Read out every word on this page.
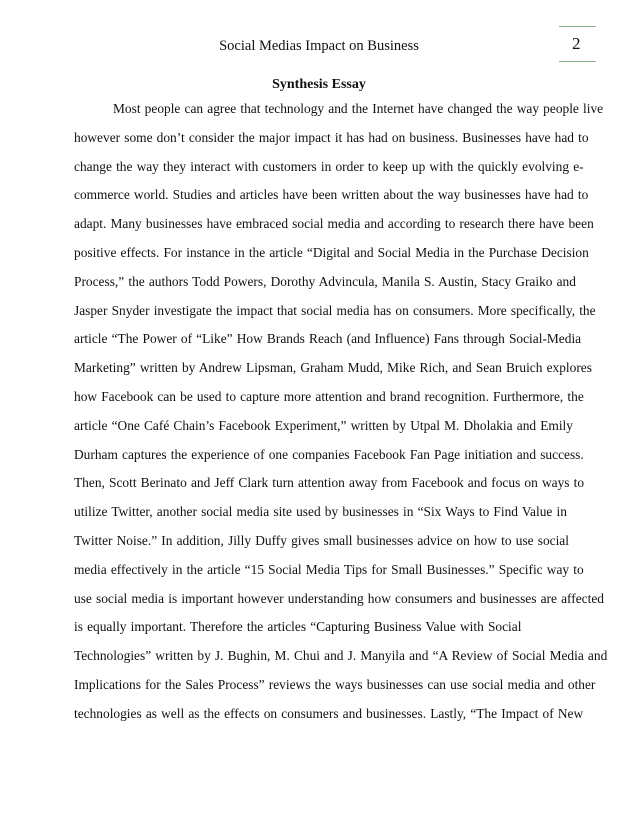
Social Medias Impact on Business	2
Synthesis Essay
Most people can agree that technology and the Internet have changed the way people live
however some don’t consider the major impact it has had on business. Businesses have had to
change the way they interact with customers in order to keep up with the quickly evolving e-
commerce world. Studies and articles have been written about the way businesses have had to
adapt. Many businesses have embraced social media and according to research there have been
positive effects. For instance in the article “Digital and Social Media in the Purchase Decision
Process,” the authors Todd Powers, Dorothy Advincula, Manila S. Austin, Stacy Graiko and
Jasper Snyder investigate the impact that social media has on consumers. More specifically, the
article “The Power of “Like” How Brands Reach (and Influence) Fans through Social-Media
Marketing” written by Andrew Lipsman, Graham Mudd, Mike Rich, and Sean Bruich explores
how Facebook can be used to capture more attention and brand recognition. Furthermore, the
article “One Café Chain’s Facebook Experiment,” written by Utpal M. Dholakia and Emily
Durham captures the experience of one companies Facebook Fan Page initiation and success.
Then, Scott Berinato and Jeff Clark turn attention away from Facebook and focus on ways to
utilize Twitter, another social media site used by businesses in “Six Ways to Find Value in
Twitter Noise.” In addition, Jilly Duffy gives small businesses advice on how to use social
media effectively in the article “15 Social Media Tips for Small Businesses.” Specific way to
use social media is important however understanding how consumers and businesses are affected
is equally important. Therefore the articles “Capturing Business Value with Social
Technologies” written by J. Bughin, M. Chui and J. Manyila and “A Review of Social Media and
Implications for the Sales Process” reviews the ways businesses can use social media and other
technologies as well as the effects on consumers and businesses. Lastly, “The Impact of New
